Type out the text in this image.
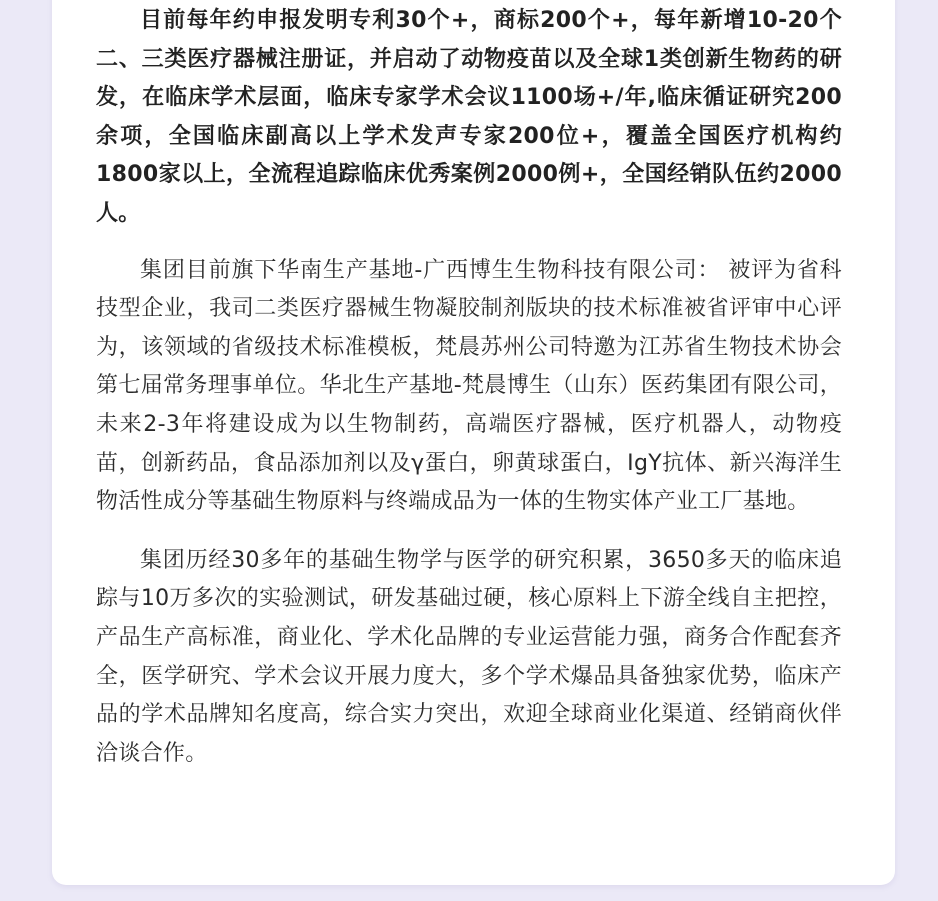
目前每年约申报发明专利30个+，商标200个+，每年新增10-20个二、三类医疗器械注册证，并启动了动物疫苗以及全球1类创新生物药的研发，在临床学术层面，临床专家学术会议1100场+/年,临床循证研究200余项，全国临床副高以上学术发声专家200位+，覆盖全国医疗机构约1800家以上，全流程追踪临床优秀案例2000例+，全国经销队伍约2000人。

集团目前旗下华南生产基地-广西博生生物科技有限公司： 被评为省科技型企业，我司二类医疗器械生物凝胶制剂版块的技术标准被省评审中心评为，该领域的省级技术标准模板，梵晨苏州公司特邀为江苏省生物技术协会第七届常务理事单位。华北生产基地-梵晨博生（山东）医药集团有限公司，未来2-3年将建设成为以生物制药，高端医疗器械，医疗机器人，动物疫苗，创新药品，食品添加剂以及γ蛋白，卵黄球蛋白，IgY抗体、新兴海洋生物活性成分等基础生物原料与终端成品为一体的生物实体产业工厂基地。

集团历经30多年的基础生物学与医学的研究积累，3650多天的临床追踪与10万多次的实验测试，研发基础过硬，核心原料上下游全线自主把控，产品生产高标准，商业化、学术化品牌的专业运营能力强，商务合作配套齐全，医学研究、学术会议开展力度大，多个学术爆品具备独家优势，临床产品的学术品牌知名度高，综合实力突出，欢迎全球商业化渠道、经销商伙伴洽谈合作。
